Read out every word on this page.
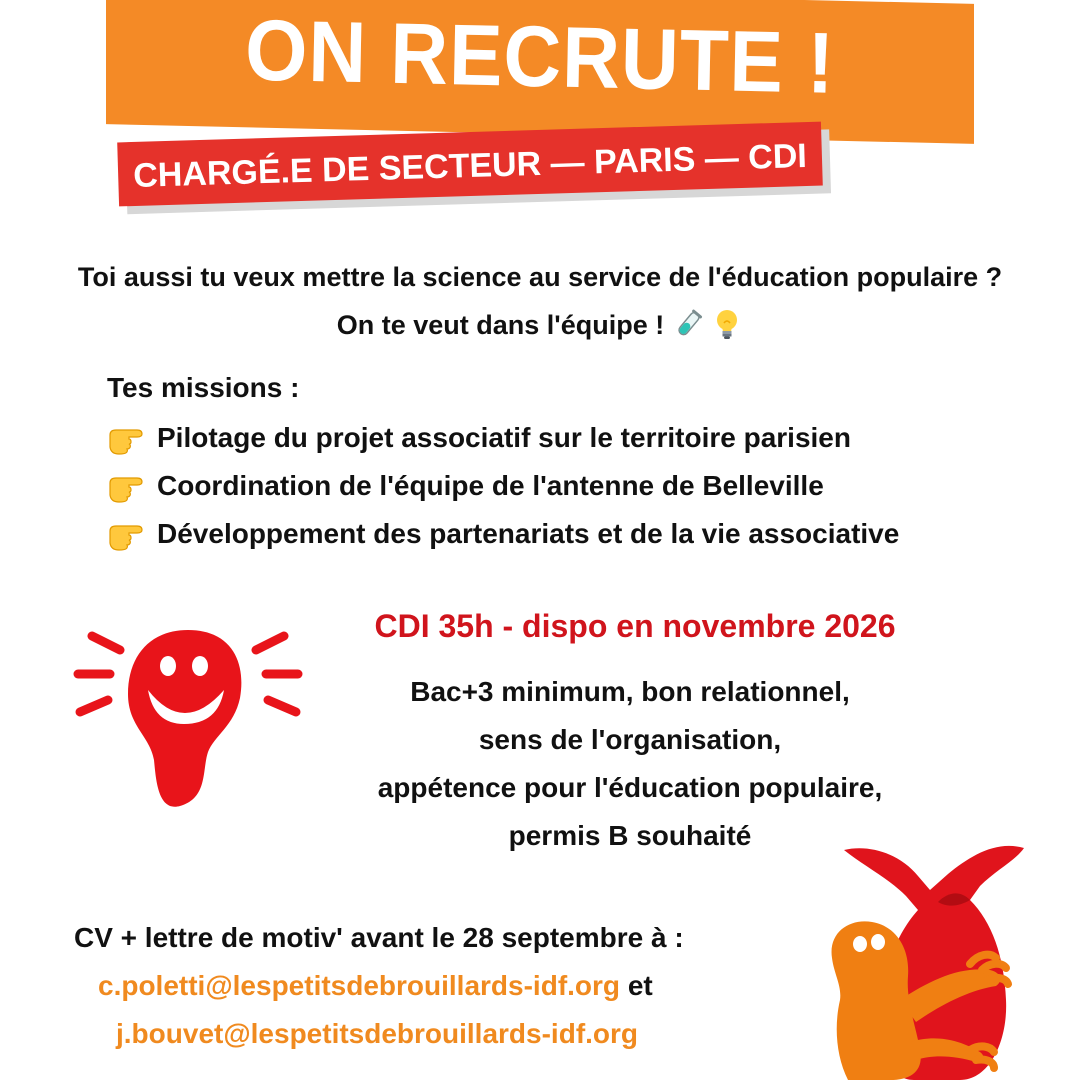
ON RECRUTE !
CHARGÉ.E DE SECTEUR — PARIS — CDI
Toi aussi tu veux mettre la science au service de l'éducation populaire ?
On te veut dans l'équipe !
Tes missions :
Pilotage du projet associatif sur le territoire parisien
Coordination de l'équipe de l'antenne de Belleville
Développement des partenariats et de la vie associative
CDI 35h - dispo en novembre 2026
Bac+3 minimum, bon relationnel,
sens de l'organisation,
appétence pour l'éducation populaire,
permis B souhaité
CV + lettre de motiv' avant le 28 septembre à :
c.poletti@lespetitsdebrouillards-idf.org et
j.bouvet@lespetitsdebrouillards-idf.org
